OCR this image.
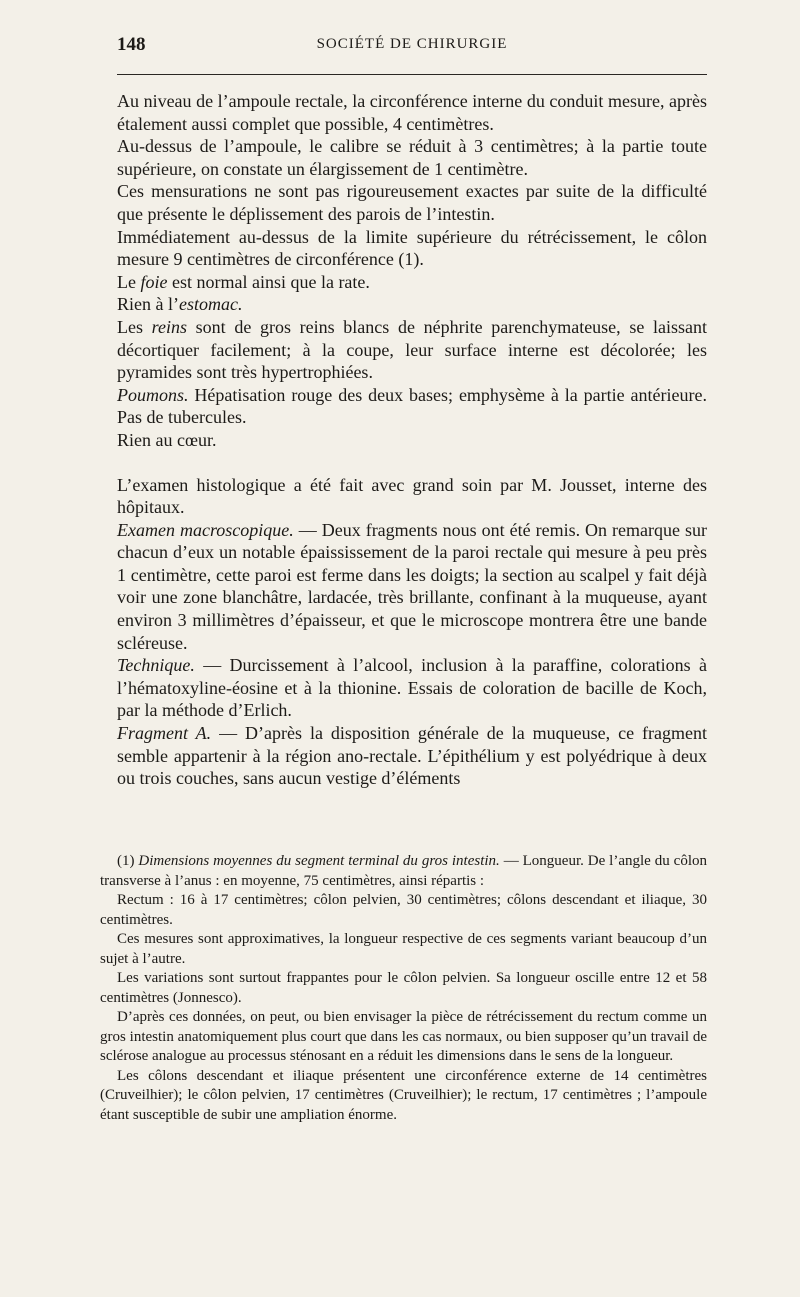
148	SOCIÉTÉ DE CHIRURGIE

Au niveau de l’ampoule rectale, la circonférence interne du conduit mesure, après étalement aussi complet que possible, 4 centimètres.

Au-dessus de l’ampoule, le calibre se réduit à 3 centimètres; à la partie toute supérieure, on constate un élargissement de 1 centimètre.

Ces mensurations ne sont pas rigoureusement exactes par suite de la difficulté que présente le déplissement des parois de l’intestin.

Immédiatement au-dessus de la limite supérieure du rétrécissement, le côlon mesure 9 centimètres de circonférence (1).

Le foie est normal ainsi que la rate.

Rien à l’estomac.

Les reins sont de gros reins blancs de néphrite parenchymateuse, se laissant décortiquer facilement; à la coupe, leur surface interne est décolorée; les pyramides sont très hypertrophiées.

Poumons. Hépatisation rouge des deux bases; emphysème à la partie antérieure. Pas de tubercules.

Rien au cœur.

L’examen histologique a été fait avec grand soin par M. Jousset, interne des hôpitaux.

Examen macroscopique. — Deux fragments nous ont été remis. On remarque sur chacun d’eux un notable épaississement de la paroi rectale qui mesure à peu près 1 centimètre, cette paroi est ferme dans les doigts; la section au scalpel y fait déjà voir une zone blanchâtre, lardacée, très brillante, confinant à la muqueuse, ayant environ 3 millimètres d’épaisseur, et que le microscope montrera être une bande scléreuse.

Technique. — Durcissement à l’alcool, inclusion à la paraffine, colorations à l’hématoxyline-éosine et à la thionine. Essais de coloration de bacille de Koch, par la méthode d’Erlich.

Fragment A. — D’après la disposition générale de la muqueuse, ce fragment semble appartenir à la région ano-rectale. L’épithélium y est polyédrique à deux ou trois couches, sans aucun vestige d’éléments

(1) Dimensions moyennes du segment terminal du gros intestin. — Longueur. De l’angle du côlon transverse à l’anus : en moyenne, 75 centimètres, ainsi répartis :

Rectum : 16 à 17 centimètres; côlon pelvien, 30 centimètres; côlons descendant et iliaque, 30 centimètres.

Ces mesures sont approximatives, la longueur respective de ces segments variant beaucoup d’un sujet à l’autre.

Les variations sont surtout frappantes pour le côlon pelvien. Sa longueur oscille entre 12 et 58 centimètres (Jonnesco).

D’après ces données, on peut, ou bien envisager la pièce de rétrécissement du rectum comme un gros intestin anatomiquement plus court que dans les cas normaux, ou bien supposer qu’un travail de sclérose analogue au processus sténosant en a réduit les dimensions dans le sens de la longueur.

Les côlons descendant et iliaque présentent une circonférence externe de 14 centimètres (Cruveilhier); le côlon pelvien, 17 centimètres (Cruveilhier); le rectum, 17 centimètres ; l’ampoule étant susceptible de subir une ampliation énorme.
